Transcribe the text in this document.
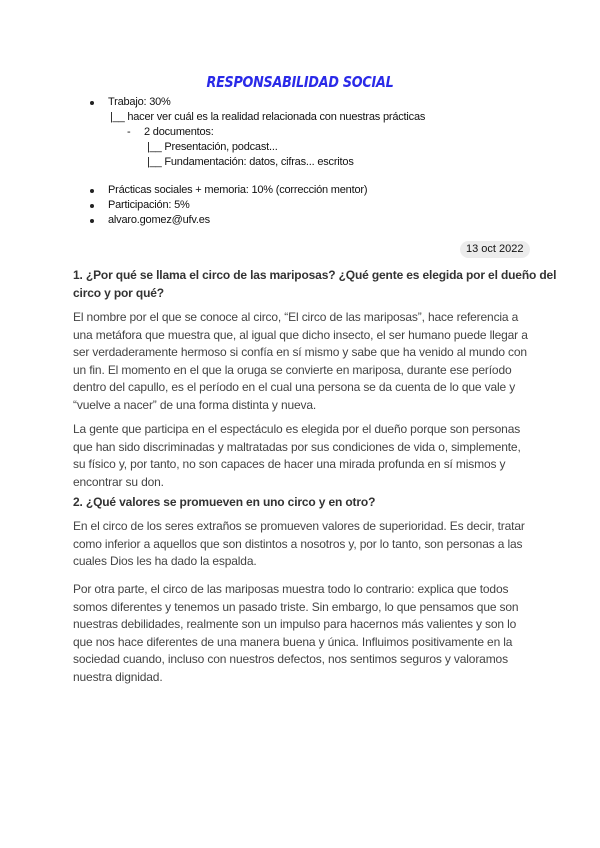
RESPONSABILIDAD SOCIAL
Trabajo: 30%
|__ hacer ver cuál es la realidad relacionada con nuestras prácticas
- 2 documentos:
|__ Presentación, podcast...
|__ Fundamentación: datos, cifras... escritos
Prácticas sociales + memoria: 10% (corrección mentor)
Participación: 5%
alvaro.gomez@ufv.es
13 oct 2022
1. ¿Por qué se llama el circo de las mariposas? ¿Qué gente es elegida por el dueño del
circo y por qué?
El nombre por el que se conoce al circo, “El circo de las mariposas”, hace referencia a
una metáfora que muestra que, al igual que dicho insecto, el ser humano puede llegar a
ser verdaderamente hermoso si confía en sí mismo y sabe que ha venido al mundo con
un fin. El momento en el que la oruga se convierte en mariposa, durante ese período
dentro del capullo, es el período en el cual una persona se da cuenta de lo que vale y
“vuelve a nacer” de una forma distinta y nueva.
La gente que participa en el espectáculo es elegida por el dueño porque son personas
que han sido discriminadas y maltratadas por sus condiciones de vida o, simplemente,
su físico y, por tanto, no son capaces de hacer una mirada profunda en sí mismos y
encontrar su don.
2. ¿Qué valores se promueven en uno circo y en otro?
En el circo de los seres extraños se promueven valores de superioridad. Es decir, tratar
como inferior a aquellos que son distintos a nosotros y, por lo tanto, son personas a las
cuales Dios les ha dado la espalda.
Por otra parte, el circo de las mariposas muestra todo lo contrario: explica que todos
somos diferentes y tenemos un pasado triste. Sin embargo, lo que pensamos que son
nuestras debilidades, realmente son un impulso para hacernos más valientes y son lo
que nos hace diferentes de una manera buena y única. Influimos positivamente en la
sociedad cuando, incluso con nuestros defectos, nos sentimos seguros y valoramos
nuestra dignidad.
